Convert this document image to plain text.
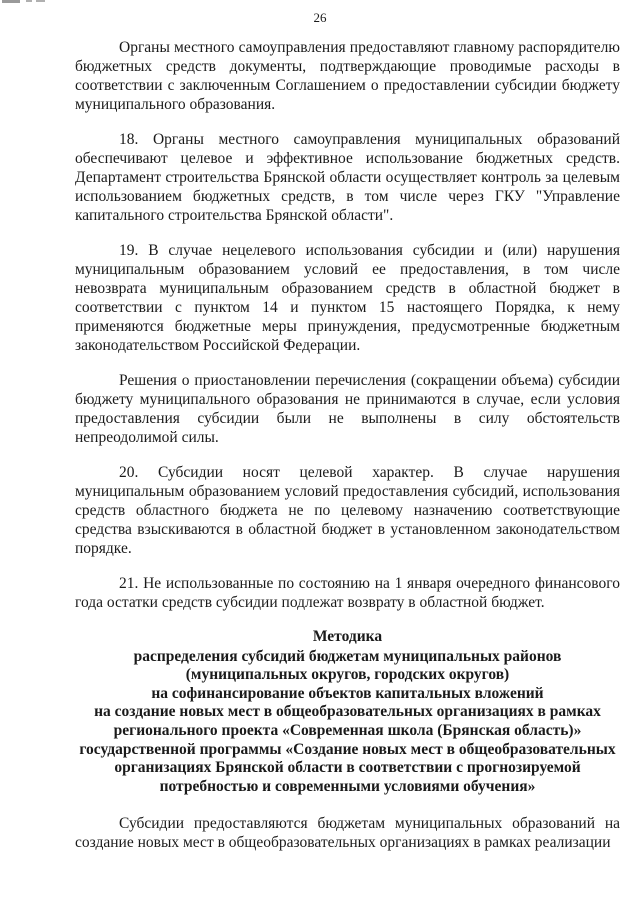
26

Органы местного самоуправления предоставляют главному распорядителю бюджетных средств документы, подтверждающие проводимые расходы в соответствии с заключенным Соглашением о предоставлении субсидии бюджету муниципального образования.

18. Органы местного самоуправления муниципальных образований обеспечивают целевое и эффективное использование бюджетных средств. Департамент строительства Брянской области осуществляет контроль за целевым использованием бюджетных средств, в том числе через ГКУ "Управление капитального строительства Брянской области".

19. В случае нецелевого использования субсидии и (или) нарушения муниципальным образованием условий ее предоставления, в том числе невозврата муниципальным образованием средств в областной бюджет в соответствии с пунктом 14 и пунктом 15 настоящего Порядка, к нему применяются бюджетные меры принуждения, предусмотренные бюджетным законодательством Российской Федерации.

Решения о приостановлении перечисления (сокращении объема) субсидии бюджету муниципального образования не принимаются в случае, если условия предоставления субсидии были не выполнены в силу обстоятельств непреодолимой силы.

20. Субсидии носят целевой характер. В случае нарушения муниципальным образованием условий предоставления субсидий, использования средств областного бюджета не по целевому назначению соответствующие средства взыскиваются в областной бюджет в установленном законодательством порядке.

21. Не использованные по состоянию на 1 января очередного финансового года остатки средств субсидии подлежат возврату в областной бюджет.

Методика
распределения субсидий бюджетам муниципальных районов
(муниципальных округов, городских округов)
на софинансирование объектов капитальных вложений
на создание новых мест в общеобразовательных организациях в рамках
регионального проекта «Современная школа (Брянская область)»
государственной программы «Создание новых мест в общеобразовательных
организациях Брянской области в соответствии с прогнозируемой
потребностью и современными условиями обучения»

Субсидии предоставляются бюджетам муниципальных образований на создание новых мест в общеобразовательных организациях в рамках реализации
